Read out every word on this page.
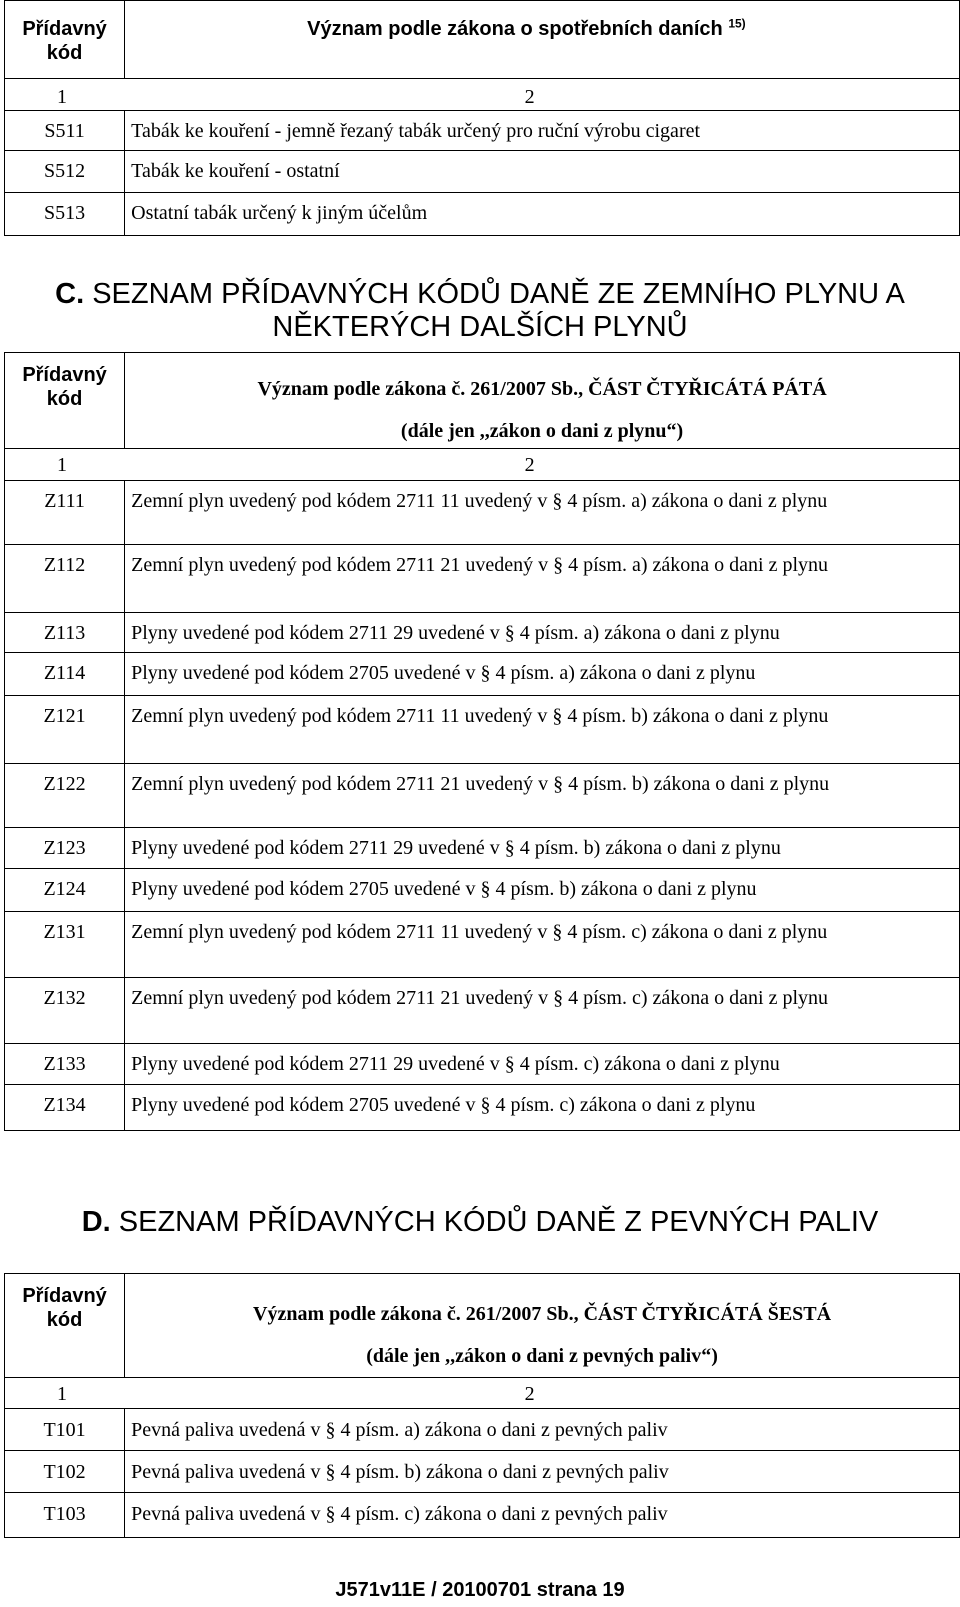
Přídavný kód	Význam podle zákona o spotřebních daních $^{15)}$
1	2
S511	Tabák ke kouření - jemně řezaný tabák určený pro ruční výrobu cigaret
S512	Tabák ke kouření - ostatní
S513	Ostatní tabák určený k jiným účelům
C. SEZNAM PŘÍDAVNÝCH KÓDŮ DANĚ ZE ZEMNÍHO PLYNU A
NĚKTERÝCH DALŠÍCH PLYNŮ
Přídavný kód	Význam podle zákona č. 261/2007 Sb., ČÁST ČTYŘICÁTÁ PÁTÁ
(dále jen ,,zákon o dani z plynu“)

1	2
Z111	Zemní plyn uvedený pod kódem 2711 11 uvedený v § 4 písm. a) zákona o dani z plynu
Z112	Zemní plyn uvedený pod kódem 2711 21 uvedený v § 4 písm. a) zákona o dani z plynu
Z113	Plyny uvedené pod kódem 2711 29 uvedené v § 4 písm. a) zákona o dani z plynu
Z114	Plyny uvedené pod kódem 2705 uvedené v § 4 písm. a) zákona o dani z plynu
Z121	Zemní plyn uvedený pod kódem 2711 11 uvedený v § 4 písm. b) zákona o dani z plynu
Z122	Zemní plyn uvedený pod kódem 2711 21 uvedený v § 4 písm. b) zákona o dani z plynu
Z123	Plyny uvedené pod kódem 2711 29 uvedené v § 4 písm. b) zákona o dani z plynu
Z124	Plyny uvedené pod kódem 2705 uvedené v § 4 písm. b) zákona o dani z plynu
Z131	Zemní plyn uvedený pod kódem 2711 11 uvedený v § 4 písm. c) zákona o dani z plynu
Z132	Zemní plyn uvedený pod kódem 2711 21 uvedený v § 4 písm. c) zákona o dani z plynu
Z133	Plyny uvedené pod kódem 2711 29 uvedené v § 4 písm. c) zákona o dani z plynu
Z134	Plyny uvedené pod kódem 2705 uvedené v § 4 písm. c) zákona o dani z plynu
D. SEZNAM PŘÍDAVNÝCH KÓDŮ DANĚ Z PEVNÝCH PALIV
Přídavný kód	Význam podle zákona č. 261/2007 Sb., ČÁST ČTYŘICÁTÁ ŠESTÁ
(dále jen ,,zákon o dani z pevných paliv“)

1	2
T101	Pevná paliva uvedená v § 4 písm. a) zákona o dani z pevných paliv
T102	Pevná paliva uvedená v § 4 písm. b) zákona o dani z pevných paliv
T103	Pevná paliva uvedená v § 4 písm. c) zákona o dani z pevných paliv
J571v11E / 20100701 strana 19
